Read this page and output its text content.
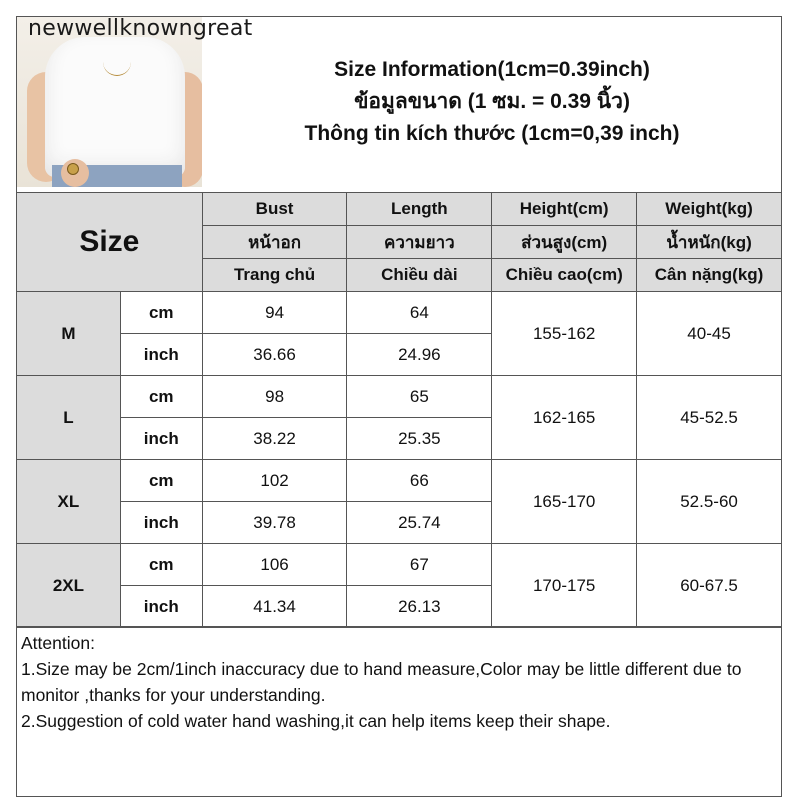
newwellknowngreat
Size Information(1cm=0.39inch)
ข้อมูลขนาด (1 ซม. = 0.39 นิ้ว)
Thông tin kích thước (1cm=0,39 inch)
Size		Bust	Length	Height(cm)	Weight(kg)
		หน้าอก	ความยาว	ส่วนสูง(cm)	น้ำหนัก(kg)
		Trang chủ	Chiều dài	Chiều cao(cm)	Cân nặng(kg)
M	cm	94	64	155-162	40-45
	inch	36.66	24.96		
L	cm	98	65	162-165	45-52.5
	inch	38.22	25.35		
XL	cm	102	66	165-170	52.5-60
	inch	39.78	25.74		
2XL	cm	106	67	170-175	60-67.5
	inch	41.34	26.13		

Attention:

1.Size may be 2cm/1inch inaccuracy due to hand measure,Color may be little different due to monitor ,thanks for your understanding.

2.Suggestion of cold water hand washing,it can help items keep their shape.
